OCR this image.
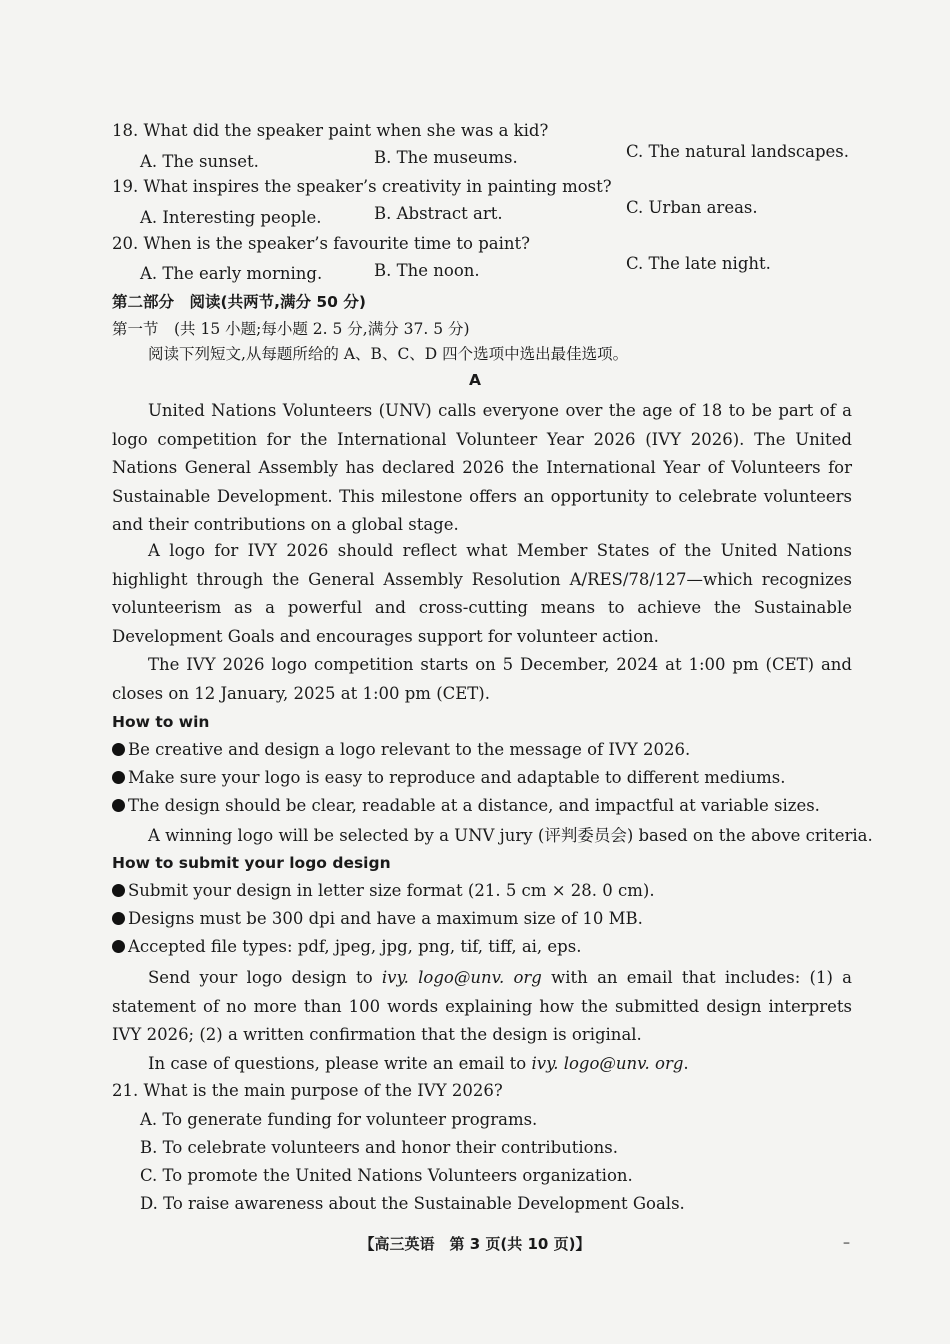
18. What did the speaker paint when she was a kid?
A. The sunset.	B. The museums.	C. The natural landscapes.
19. What inspires the speaker’s creativity in painting most?
A. Interesting people.	B. Abstract art.	C. Urban areas.
20. When is the speaker’s favourite time to paint?
A. The early morning.	B. The noon.	C. The late night.
第二部分　阅读(共两节,满分 50 分)
第一节　(共 15 小题;每小题 2. 5 分,满分 37. 5 分)
阅读下列短文,从每题所给的 A、B、C、D 四个选项中选出最佳选项。
A
United Nations Volunteers (UNV) calls everyone over the age of 18 to be part of a logo competition for the International Volunteer Year 2026 (IVY 2026). The United Nations General Assembly has declared 2026 the International Year of Volunteers for Sustainable Development. This milestone offers an opportunity to celebrate volunteers and their contributions on a global stage.
A logo for IVY 2026 should reflect what Member States of the United Nations highlight through the General Assembly Resolution A/RES/78/127—which recognizes volunteerism as a powerful and cross-cutting means to achieve the Sustainable Development Goals and encourages support for volunteer action.
The IVY 2026 logo competition starts on 5 December, 2024 at 1:00 pm (CET) and closes on 12 January, 2025 at 1:00 pm (CET).
How to win
Be creative and design a logo relevant to the message of IVY 2026.
Make sure your logo is easy to reproduce and adaptable to different mediums.
The design should be clear, readable at a distance, and impactful at variable sizes.
A winning logo will be selected by a UNV jury (评判委员会) based on the above criteria.
How to submit your logo design
Submit your design in letter size format (21. 5 cm × 28. 0 cm).
Designs must be 300 dpi and have a maximum size of 10 MB.
Accepted file types: pdf, jpeg, jpg, png, tif, tiff, ai, eps.
Send your logo design to ivy. logo@unv. org with an email that includes: (1) a statement of no more than 100 words explaining how the submitted design interprets IVY 2026; (2) a written confirmation that the design is original.
In case of questions, please write an email to ivy. logo@unv. org.
21. What is the main purpose of the IVY 2026?
A. To generate funding for volunteer programs.
B. To celebrate volunteers and honor their contributions.
C. To promote the United Nations Volunteers organization.
D. To raise awareness about the Sustainable Development Goals.
【高三英语　第 3 页(共 10 页)】	–
